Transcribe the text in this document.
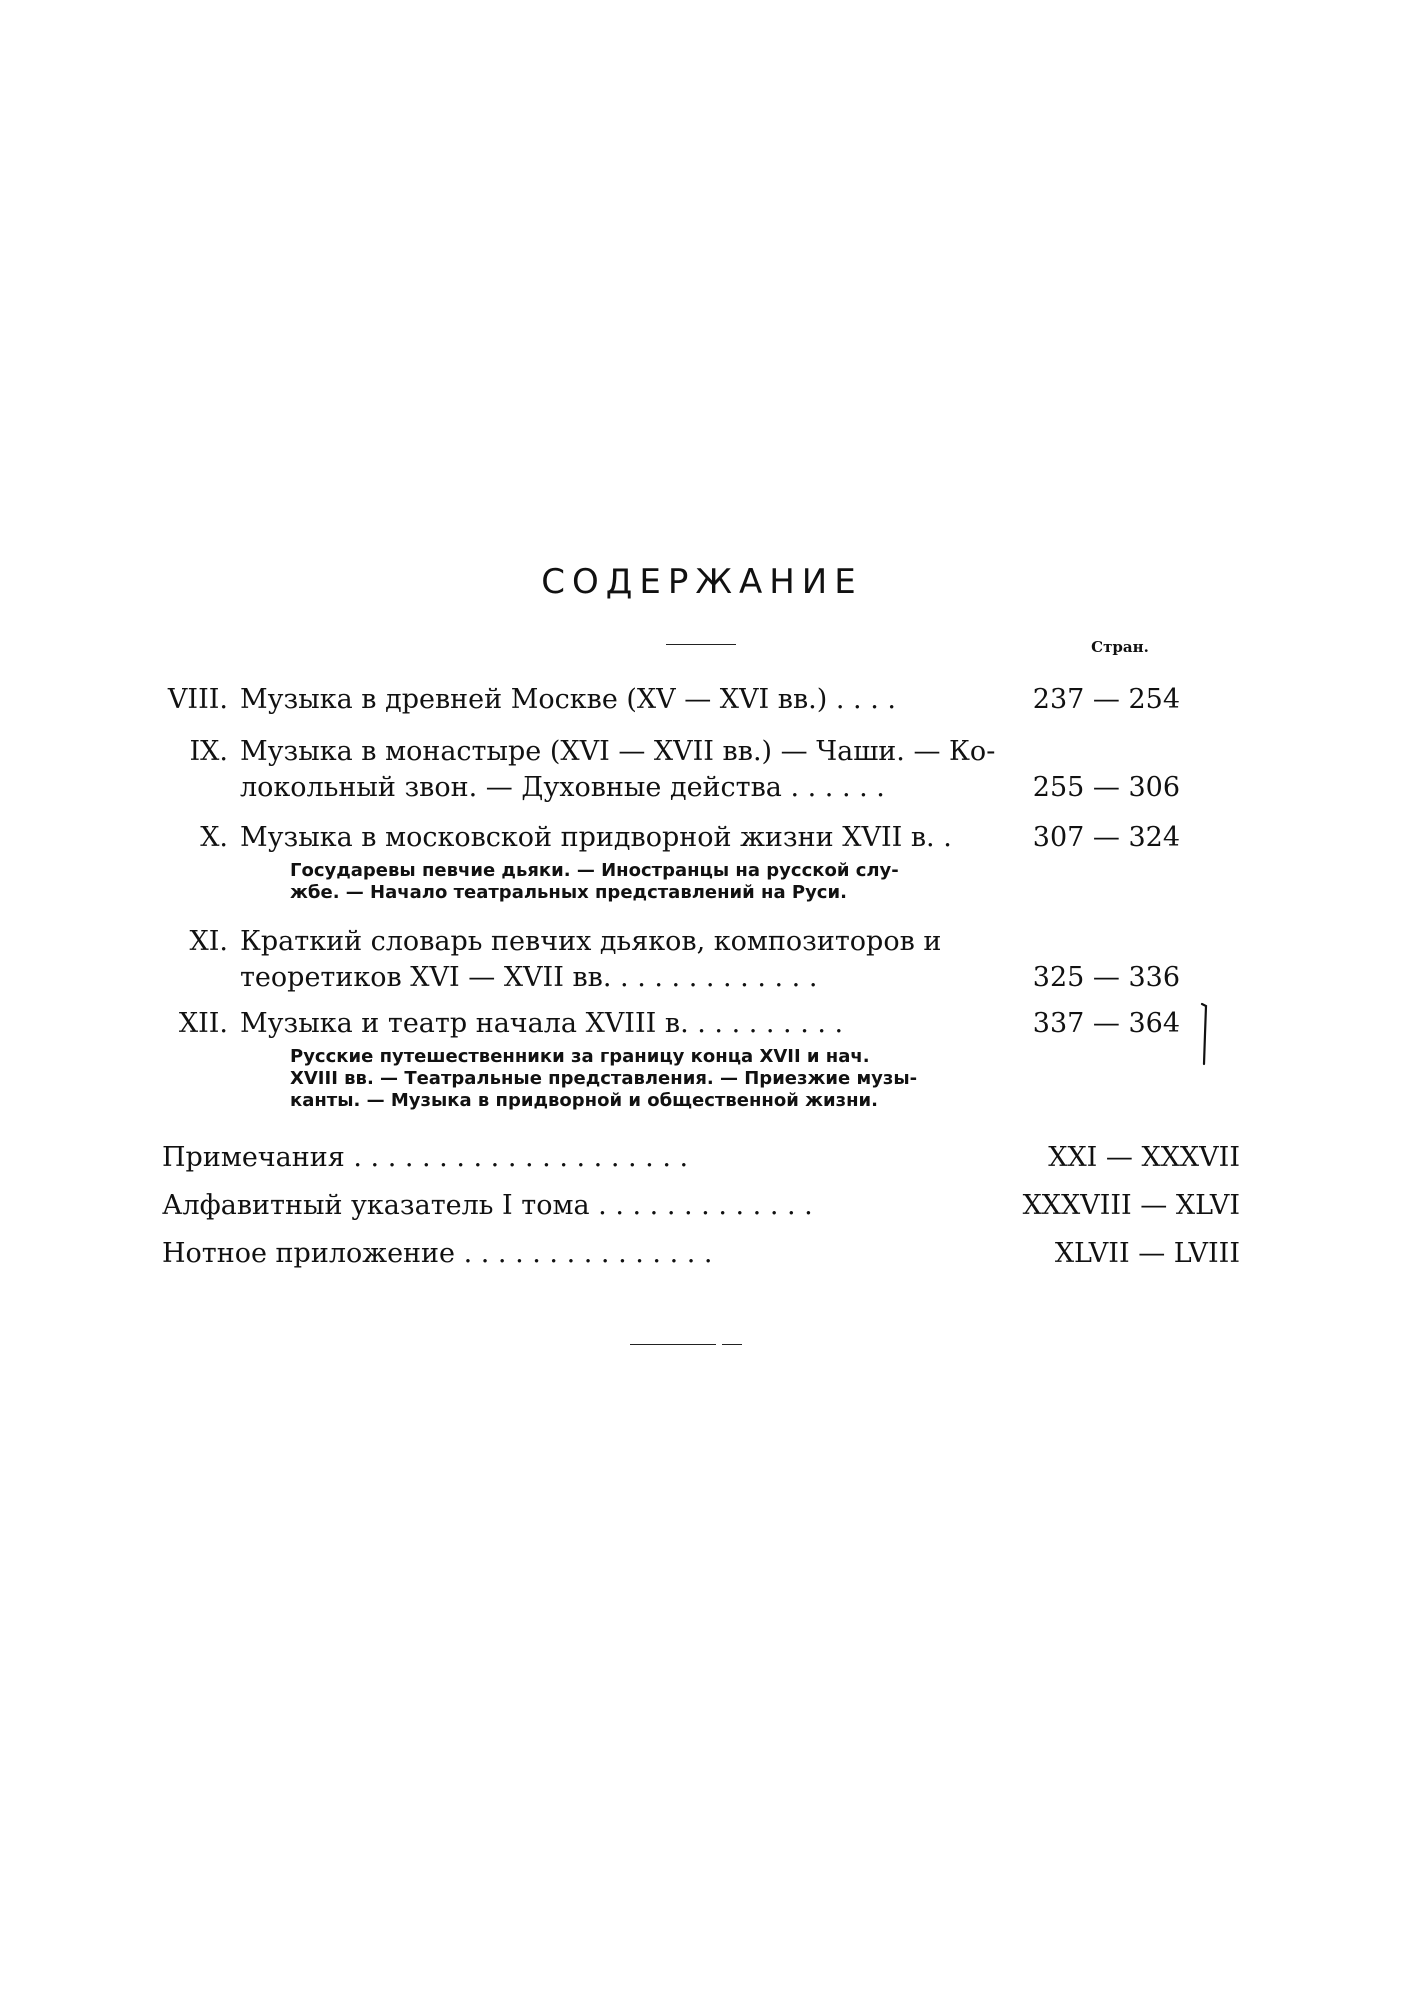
СОДЕРЖАНИЕ
Стран.
VIII. Музыка в древней Москве (XV — XVI вв.) . . . .	237 — 254
IX. Музыка в монастыре (XVI — XVII вв.) — Чаши. — Ко-
локольный звон. — Духовные действа . . . . . .	255 — 306
X. Музыка в московской придворной жизни XVII в. .	307 — 324
Государевы певчие дьяки. — Иностранцы на русской слу-
жбе. — Начало театральных представлений на Руси.
XI. Краткий словарь певчих дьяков, композиторов и
теоретиков XVI — XVII вв. . . . . . . . . . . . .	325 — 336
XII. Музыка и театр начала XVIII в. . . . . . . . . .	337 — 364
Русские путешественники за границу конца XVII и нач.
XVIII вв. — Театральные представления. — Приезжие музы-
канты. — Музыка в придворной и общественной жизни.
Примечания . . . . . . . . . . . . . . . . . . . .	XXI — XXXVII
Алфавитный указатель I тома . . . . . . . . . . . . .	XXXVIII — XLVI
Нотное приложение . . . . . . . . . . . . . . .	XLVII — LVIII
